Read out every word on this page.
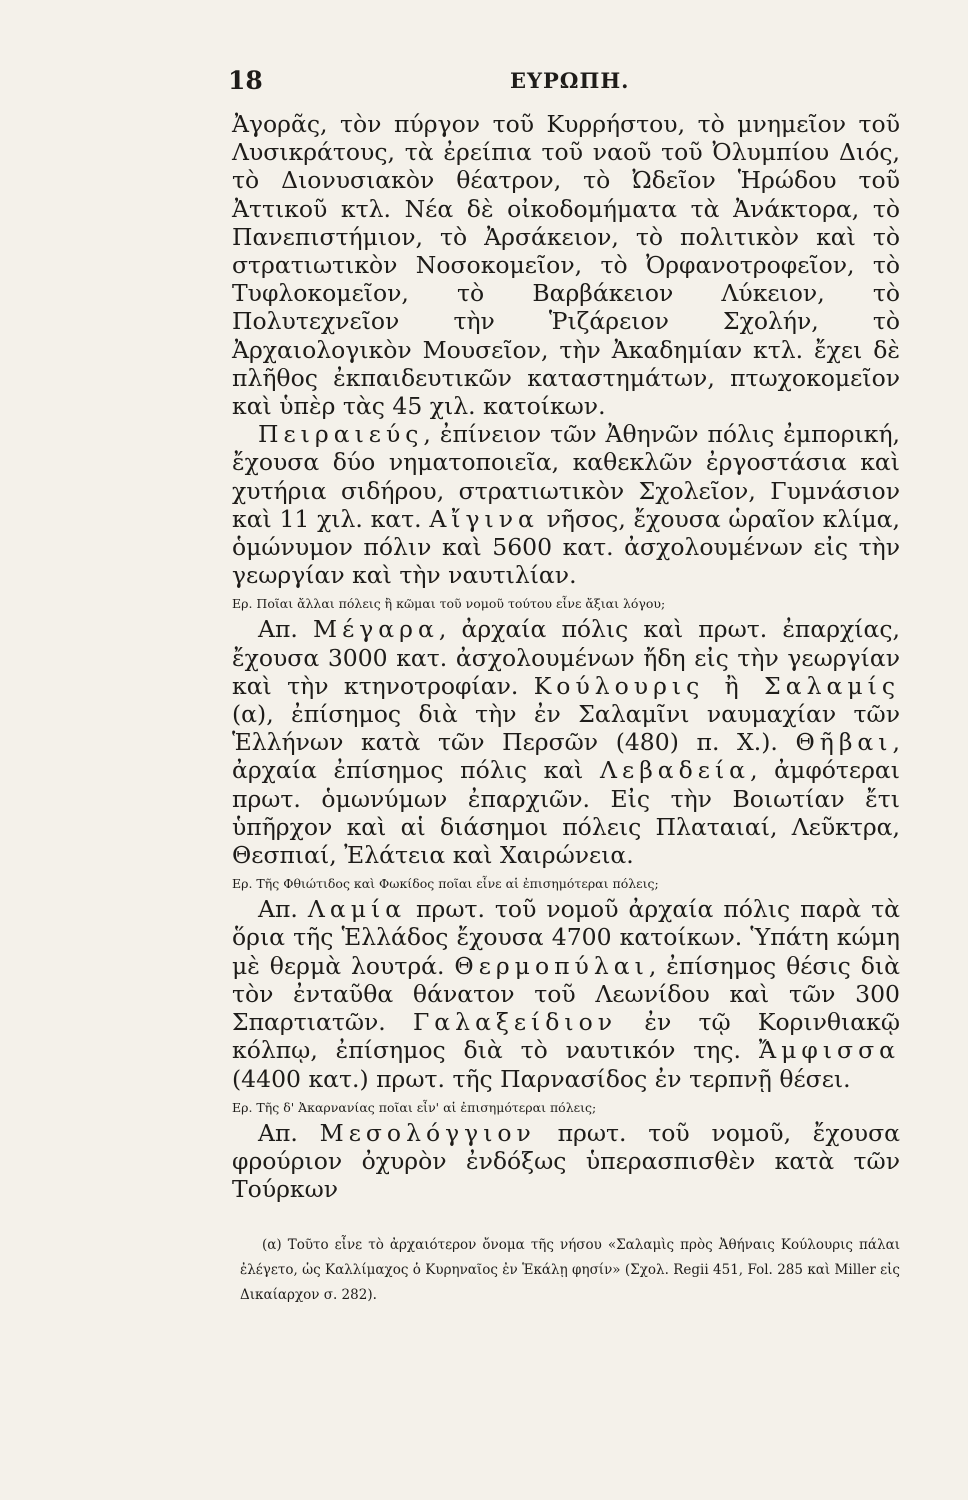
18	ΕΥΡΩΠΗ.

Ἀγορᾶς, τὸν πύργον τοῦ Κυρρήστου, τὸ μνημεῖον τοῦ Λυσικράτους, τὰ ἐρείπια τοῦ ναοῦ τοῦ Ὀλυμπίου Διός, τὸ Διονυσιακὸν θέατρον, τὸ Ὠδεῖον Ἡρώδου τοῦ Ἀττικοῦ κτλ. Νέα δὲ οἰκοδομήματα τὰ Ἀνάκτορα, τὸ Πανεπιστήμιον, τὸ Ἀρσάκειον, τὸ πολιτικὸν καὶ τὸ στρατιωτικὸν Νοσοκομεῖον, τὸ Ὀρφανοτροφεῖον, τὸ Τυφλοκομεῖον, τὸ Βαρβάκειον Λύκειον, τὸ Πολυτεχνεῖον τὴν Ῥιζάρειον Σχολήν, τὸ Ἀρχαιολογικὸν Μουσεῖον, τὴν Ἀκαδημίαν κτλ. ἔχει δὲ πλῆθος ἐκπαιδευτικῶν καταστημάτων, πτωχοκομεῖον καὶ ὑπὲρ τὰς 45 χιλ. κατοίκων.

Πειραιεύς, ἐπίνειον τῶν Ἀθηνῶν πόλις ἐμπορική, ἔχουσα δύο νηματοποιεῖα, καθεκλῶν ἐργοστάσια καὶ χυτήρια σιδήρου, στρατιωτικὸν Σχολεῖον, Γυμνάσιον καὶ 11 χιλ. κατ. Αἴγινα νῆσος, ἔχουσα ὡραῖον κλίμα, ὁμώνυμον πόλιν καὶ 5600 κατ. ἀσχολουμένων εἰς τὴν γεωργίαν καὶ τὴν ναυτιλίαν.

Ερ. Ποῖαι ἄλλαι πόλεις ἢ κῶμαι τοῦ νομοῦ τούτου εἶνε ἄξιαι λόγου;

Απ. Μέγαρα, ἀρχαία πόλις καὶ πρωτ. ἐπαρχίας, ἔχουσα 3000 κατ. ἀσχολουμένων ἤδη εἰς τὴν γεωργίαν καὶ τὴν κτηνοτροφίαν. Κούλουρις ἢ Σαλαμίς (α), ἐπίσημος διὰ τὴν ἐν Σαλαμῖνι ναυμαχίαν τῶν Ἑλλήνων κατὰ τῶν Περσῶν (480) π. Χ.). Θῆβαι, ἀρχαία ἐπίσημος πόλις καὶ Λεβαδεία, ἀμφότεραι πρωτ. ὁμωνύμων ἐπαρχιῶν. Εἰς τὴν Βοιωτίαν ἔτι ὑπῆρχον καὶ αἱ διάσημοι πόλεις Πλαταιαί, Λεῦκτρα, Θεσπιαί, Ἐλάτεια καὶ Χαιρώνεια.

Ερ. Τῆς Φθιώτιδος καὶ Φωκίδος ποῖαι εἶνε αἱ ἐπισημότεραι πόλεις;

Απ. Λαμία πρωτ. τοῦ νομοῦ ἀρχαία πόλις παρὰ τὰ ὅρια τῆς Ἑλλάδος ἔχουσα 4700 κατοίκων. Ὑπάτη κώμη μὲ θερμὰ λουτρά. Θερμοπύλαι, ἐπίσημος θέσις διὰ τὸν ἐνταῦθα θάνατον τοῦ Λεωνίδου καὶ τῶν 300 Σπαρτιατῶν. Γαλαξείδιον ἐν τῷ Κορινθιακῷ κόλπῳ, ἐπίσημος διὰ τὸ ναυτικόν της. Ἄμφισσα (4400 κατ.) πρωτ. τῆς Παρνασίδος ἐν τερπνῇ θέσει.

Ερ. Τῆς δ' Ἀκαρνανίας ποῖαι εἶν' αἱ ἐπισημότεραι πόλεις;

Απ. Μεσολόγγιον πρωτ. τοῦ νομοῦ, ἔχουσα φρούριον ὀχυρὸν ἐνδόξως ὑπερασπισθὲν κατὰ τῶν Τούρκων

(α) Τοῦτο εἶνε τὸ ἀρχαιότερον ὄνομα τῆς νήσου «Σαλαμὶς πρὸς Ἀθήναις Κούλουρις πάλαι ἐλέγετο, ὡς Καλλίμαχος ὁ Κυρηναῖος ἐν Ἑκάλῃ φησίν» (Σχολ. Regii 451, Fol. 285 καὶ Miller εἰς Δικαίαρχον σ. 282).
